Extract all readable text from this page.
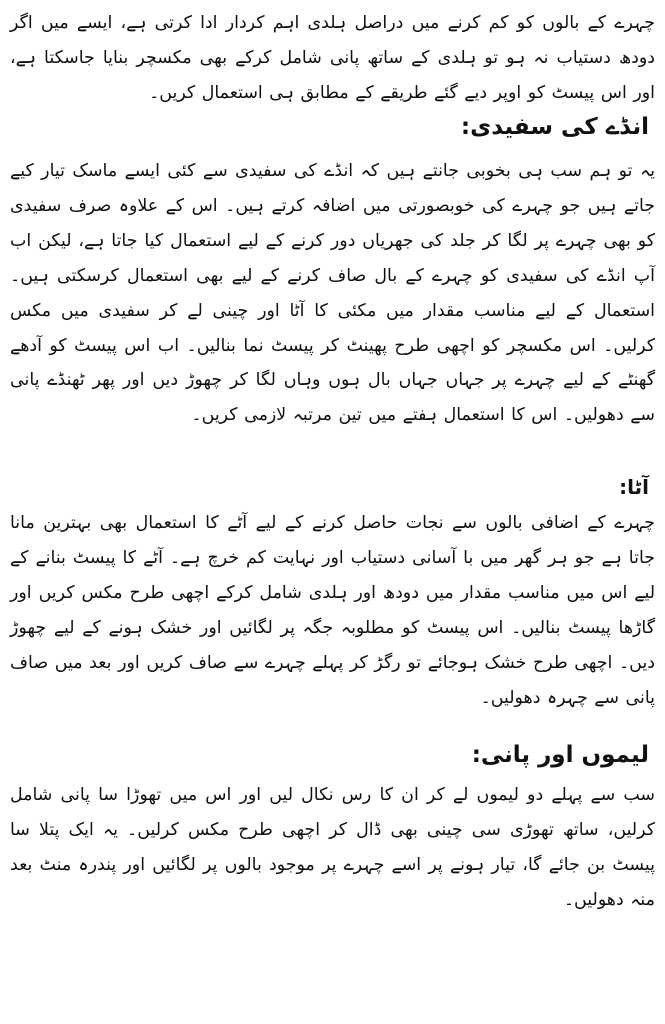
چہرے کے بالوں کو کم کرنے میں دراصل ہلدی اہم کردار ادا کرتی ہے، ایسے میں اگر دودھ دستیاب نہ ہو تو ہلدی کے ساتھ پانی شامل کرکے بھی مکسچر بنایا جاسکتا ہے، اور اس پیسٹ کو اوپر دیے گئے طریقے کے مطابق ہی استعمال کریں۔

انڈے کی سفیدی:

یہ تو ہم سب ہی بخوبی جانتے ہیں کہ انڈے کی سفیدی سے کئی ایسے ماسک تیار کیے جاتے ہیں جو چہرے کی خوبصورتی میں اضافہ کرتے ہیں۔ اس کے علاوہ صرف سفیدی کو بھی چہرے پر لگا کر جلد کی جھریاں دور کرنے کے لیے استعمال کیا جاتا ہے، لیکن اب آپ انڈے کی سفیدی کو چہرے کے بال صاف کرنے کے لیے بھی استعمال کرسکتی ہیں۔ استعمال کے لیے مناسب مقدار میں مکئی کا آٹا اور چینی لے کر سفیدی میں مکس کرلیں۔ اس مکسچر کو اچھی طرح پھینٹ کر پیسٹ نما بنالیں۔ اب اس پیسٹ کو آدھے گھنٹے کے لیے چہرے پر جہاں جہاں بال ہوں وہاں لگا کر چھوڑ دیں اور پھر ٹھنڈے پانی سے دھولیں۔ اس کا استعمال ہفتے میں تین مرتبہ لازمی کریں۔

آٹا:

چہرے کے اضافی بالوں سے نجات حاصل کرنے کے لیے آٹے کا استعمال بھی بہترین مانا جاتا ہے جو ہر گھر میں با آسانی دستیاب اور نہایت کم خرچ ہے۔ آٹے کا پیسٹ بنانے کے لیے اس میں مناسب مقدار میں دودھ اور ہلدی شامل کرکے اچھی طرح مکس کریں اور گاڑھا پیسٹ بنالیں۔ اس پیسٹ کو مطلوبہ جگہ پر لگائیں اور خشک ہونے کے لیے چھوڑ دیں۔ اچھی طرح خشک ہوجائے تو رگڑ کر پہلے چہرے سے صاف کریں اور بعد میں صاف پانی سے چہرہ دھولیں۔

لیموں اور پانی:

سب سے پہلے دو لیموں لے کر ان کا رس نکال لیں اور اس میں تھوڑا سا پانی شامل کرلیں، ساتھ تھوڑی سی چینی بھی ڈال کر اچھی طرح مکس کرلیں۔ یہ ایک پتلا سا پیسٹ بن جائے گا، تیار ہونے پر اسے چہرے پر موجود بالوں پر لگائیں اور پندرہ منٹ بعد منہ دھولیں۔
